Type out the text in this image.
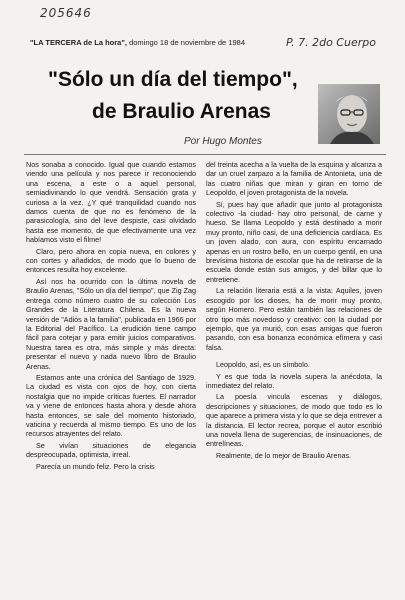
205646
P. 7. 2do Cuerpo
"LA TERCERA de La hora", domingo 18 de noviembre de 1984
"Sólo un día del tiempo",
de Braulio Arenas
Por Hugo Montes

Nos sonaba a conocido. Igual que cuando estamos viendo una película y nos parece ir reconociendo una escena, a este o a aquel personal, semiadivinando lo que vendrá. Sensación grata y curiosa a la vez. ¿Y qué tranquilidad cuando nos damos cuenta de que no es fenómeno de la parasicología, sino del leve despiste, casi olvidado hasta ese momento, de que efectivamente una vez habíamos visto el filme!

Claro, pero ahora en copia nueva, en colores y con cortes y añadidos, de modo que lo bueno de entonces resulta hoy excelente.

Así nos ha ocurrido con la última novela de Braulio Arenas, "Sólo un día del tiempo", que Zig Zag entrega como número cuatro de su colección Los Grandes de la Literatura Chilena. Es la nueva versión de "Adiós a la familia", publicada en 1966 por la Editorial del Pacífico. La erudición tiene campo fácil para cotejar y para emitir juicios comparativos. Nuestra tarea es otra, más simple y más directa: presentar el nuevo y nada nuevo libro de Braulio Arenas.

Estamos ante una crónica del Santiago de 1929. La ciudad es vista con ojos de hoy, con cierta nostalgia que no impide críticas fuertes. El narrador va y viene de entonces hasta ahora y desde ahora hasta entonces, se sale del momento historiado, vaticina y recuerda al mismo tiempo. Es uno de los recursos atrayentes del relato.

Se vivían situaciones de elegancia despreocupada, optimista, irreal.

Parecía un mundo feliz. Pero la crisis

del treinta acecha a la vuelta de la esquina y alcanza a dar un cruel zarpazo a la familia de Antonieta, una de las cuatro niñas que miran y giran en torno de Leopoldo, el joven protagonista de la novela.

Sí, pues hay que añadir que junto al protagonista colectivo -la ciudad- hay otro personal, de carne y hueso. Se llama Leopoldo y está destinado a morir muy pronto, niño casi, de una deficiencia cardíaca. Es un joven alado, con aura, con espíritu encarnado apenas en un rostro bello, en un cuerpo gentil, en una brevísima historia de escolar que ha de retirarse de la escuela donde están sus amigos, y del billar que lo entretiene.

La relación literaria está a la vista: Aquiles, joven escogido por los dioses, ha de morir muy pronto, según Homero. Pero están también las relaciones de otro tipo más novedoso y creativo: con la ciudad por ejemplo, que ya murió, con esas amigas que fueron pasando, con esa bonanza económica efímera y casi falsa.

Leopoldo, así, es un símbolo.

Y es que toda la novela supera la anécdota, la inmediatez del relato.

La poesía vincula escenas y diálogos, descripciones y situaciones, de modo que todo es lo que aparece a primera vista y lo que se deja entrever a la distancia. El lector recrea, porque el autor escribió una novela llena de sugerencias, de insinuaciones, de entrelíneas.

Realmente, de lo mejor de Braulio Arenas.
